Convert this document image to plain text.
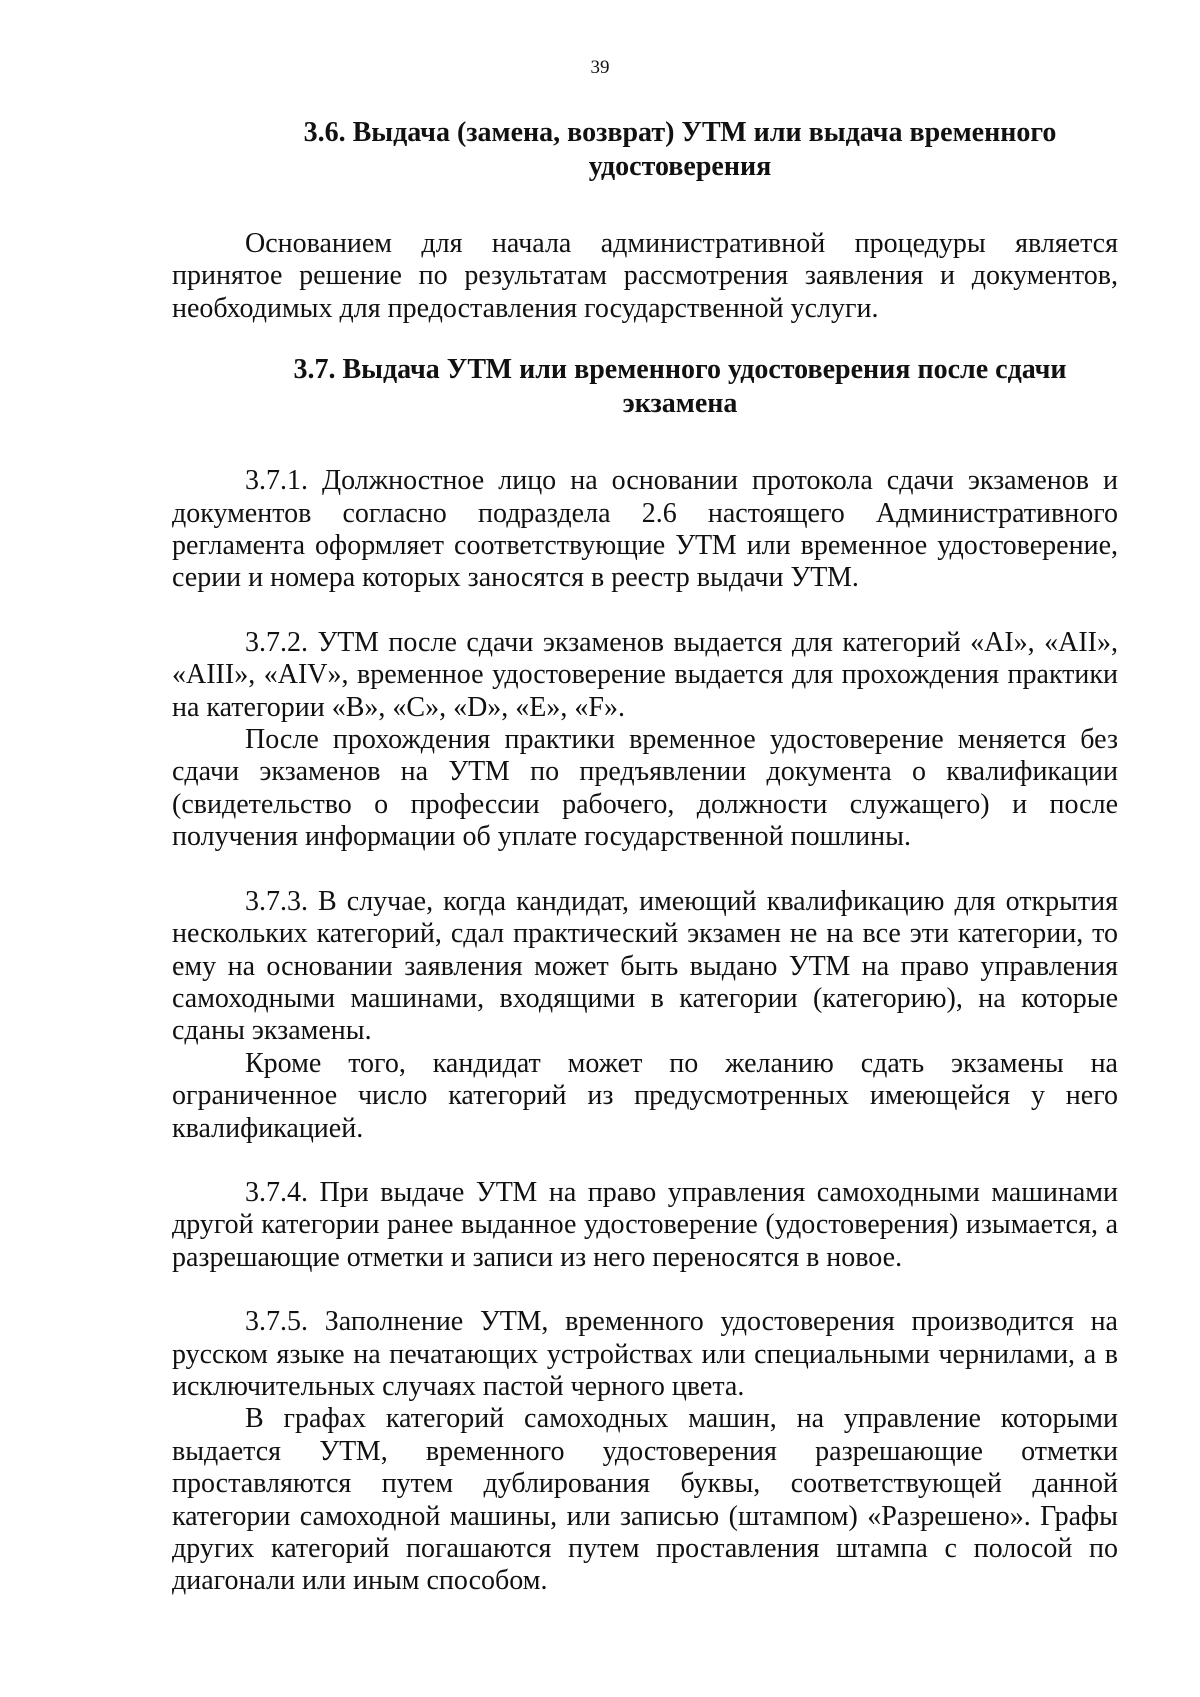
39
3.6. Выдача (замена, возврат) УТМ или выдача временного удостоверения

Основанием для начала административной процедуры является принятое решение по результатам рассмотрения заявления и документов, необходимых для предоставления государственной услуги.

3.7. Выдача УТМ или временного удостоверения после сдачи экзамена

3.7.1. Должностное лицо на основании протокола сдачи экзаменов и документов согласно подраздела 2.6 настоящего Административного регламента оформляет соответствующие УТМ или временное удостоверение, серии и номера которых заносятся в реестр выдачи УТМ.

3.7.2. УТМ после сдачи экзаменов выдается для категорий «AI», «AII», «AIII», «AIV», временное удостоверение выдается для прохождения практики на категории «B», «C», «D», «E», «F».

После прохождения практики временное удостоверение меняется без сдачи экзаменов на УТМ по предъявлении документа о квалификации (свидетельство о профессии рабочего, должности служащего) и после получения информации об уплате государственной пошлины.

3.7.3. В случае, когда кандидат, имеющий квалификацию для открытия нескольких категорий, сдал практический экзамен не на все эти категории, то ему на основании заявления может быть выдано УТМ на право управления самоходными машинами, входящими в категории (категорию), на которые сданы экзамены.

Кроме того, кандидат может по желанию сдать экзамены на ограниченное число категорий из предусмотренных имеющейся у него квалификацией.

3.7.4. При выдаче УТМ на право управления самоходными машинами другой категории ранее выданное удостоверение (удостоверения) изымается, а разрешающие отметки и записи из него переносятся в новое.

3.7.5. Заполнение УТМ, временного удостоверения производится на русском языке на печатающих устройствах или специальными чернилами, а в исключительных случаях пастой черного цвета.

В графах категорий самоходных машин, на управление которыми выдается УТМ, временного удостоверения разрешающие отметки проставляются путем дублирования буквы, соответствующей данной категории самоходной машины, или записью (штампом) «Разрешено». Графы других категорий погашаются путем проставления штампа с полосой по диагонали или иным способом.
